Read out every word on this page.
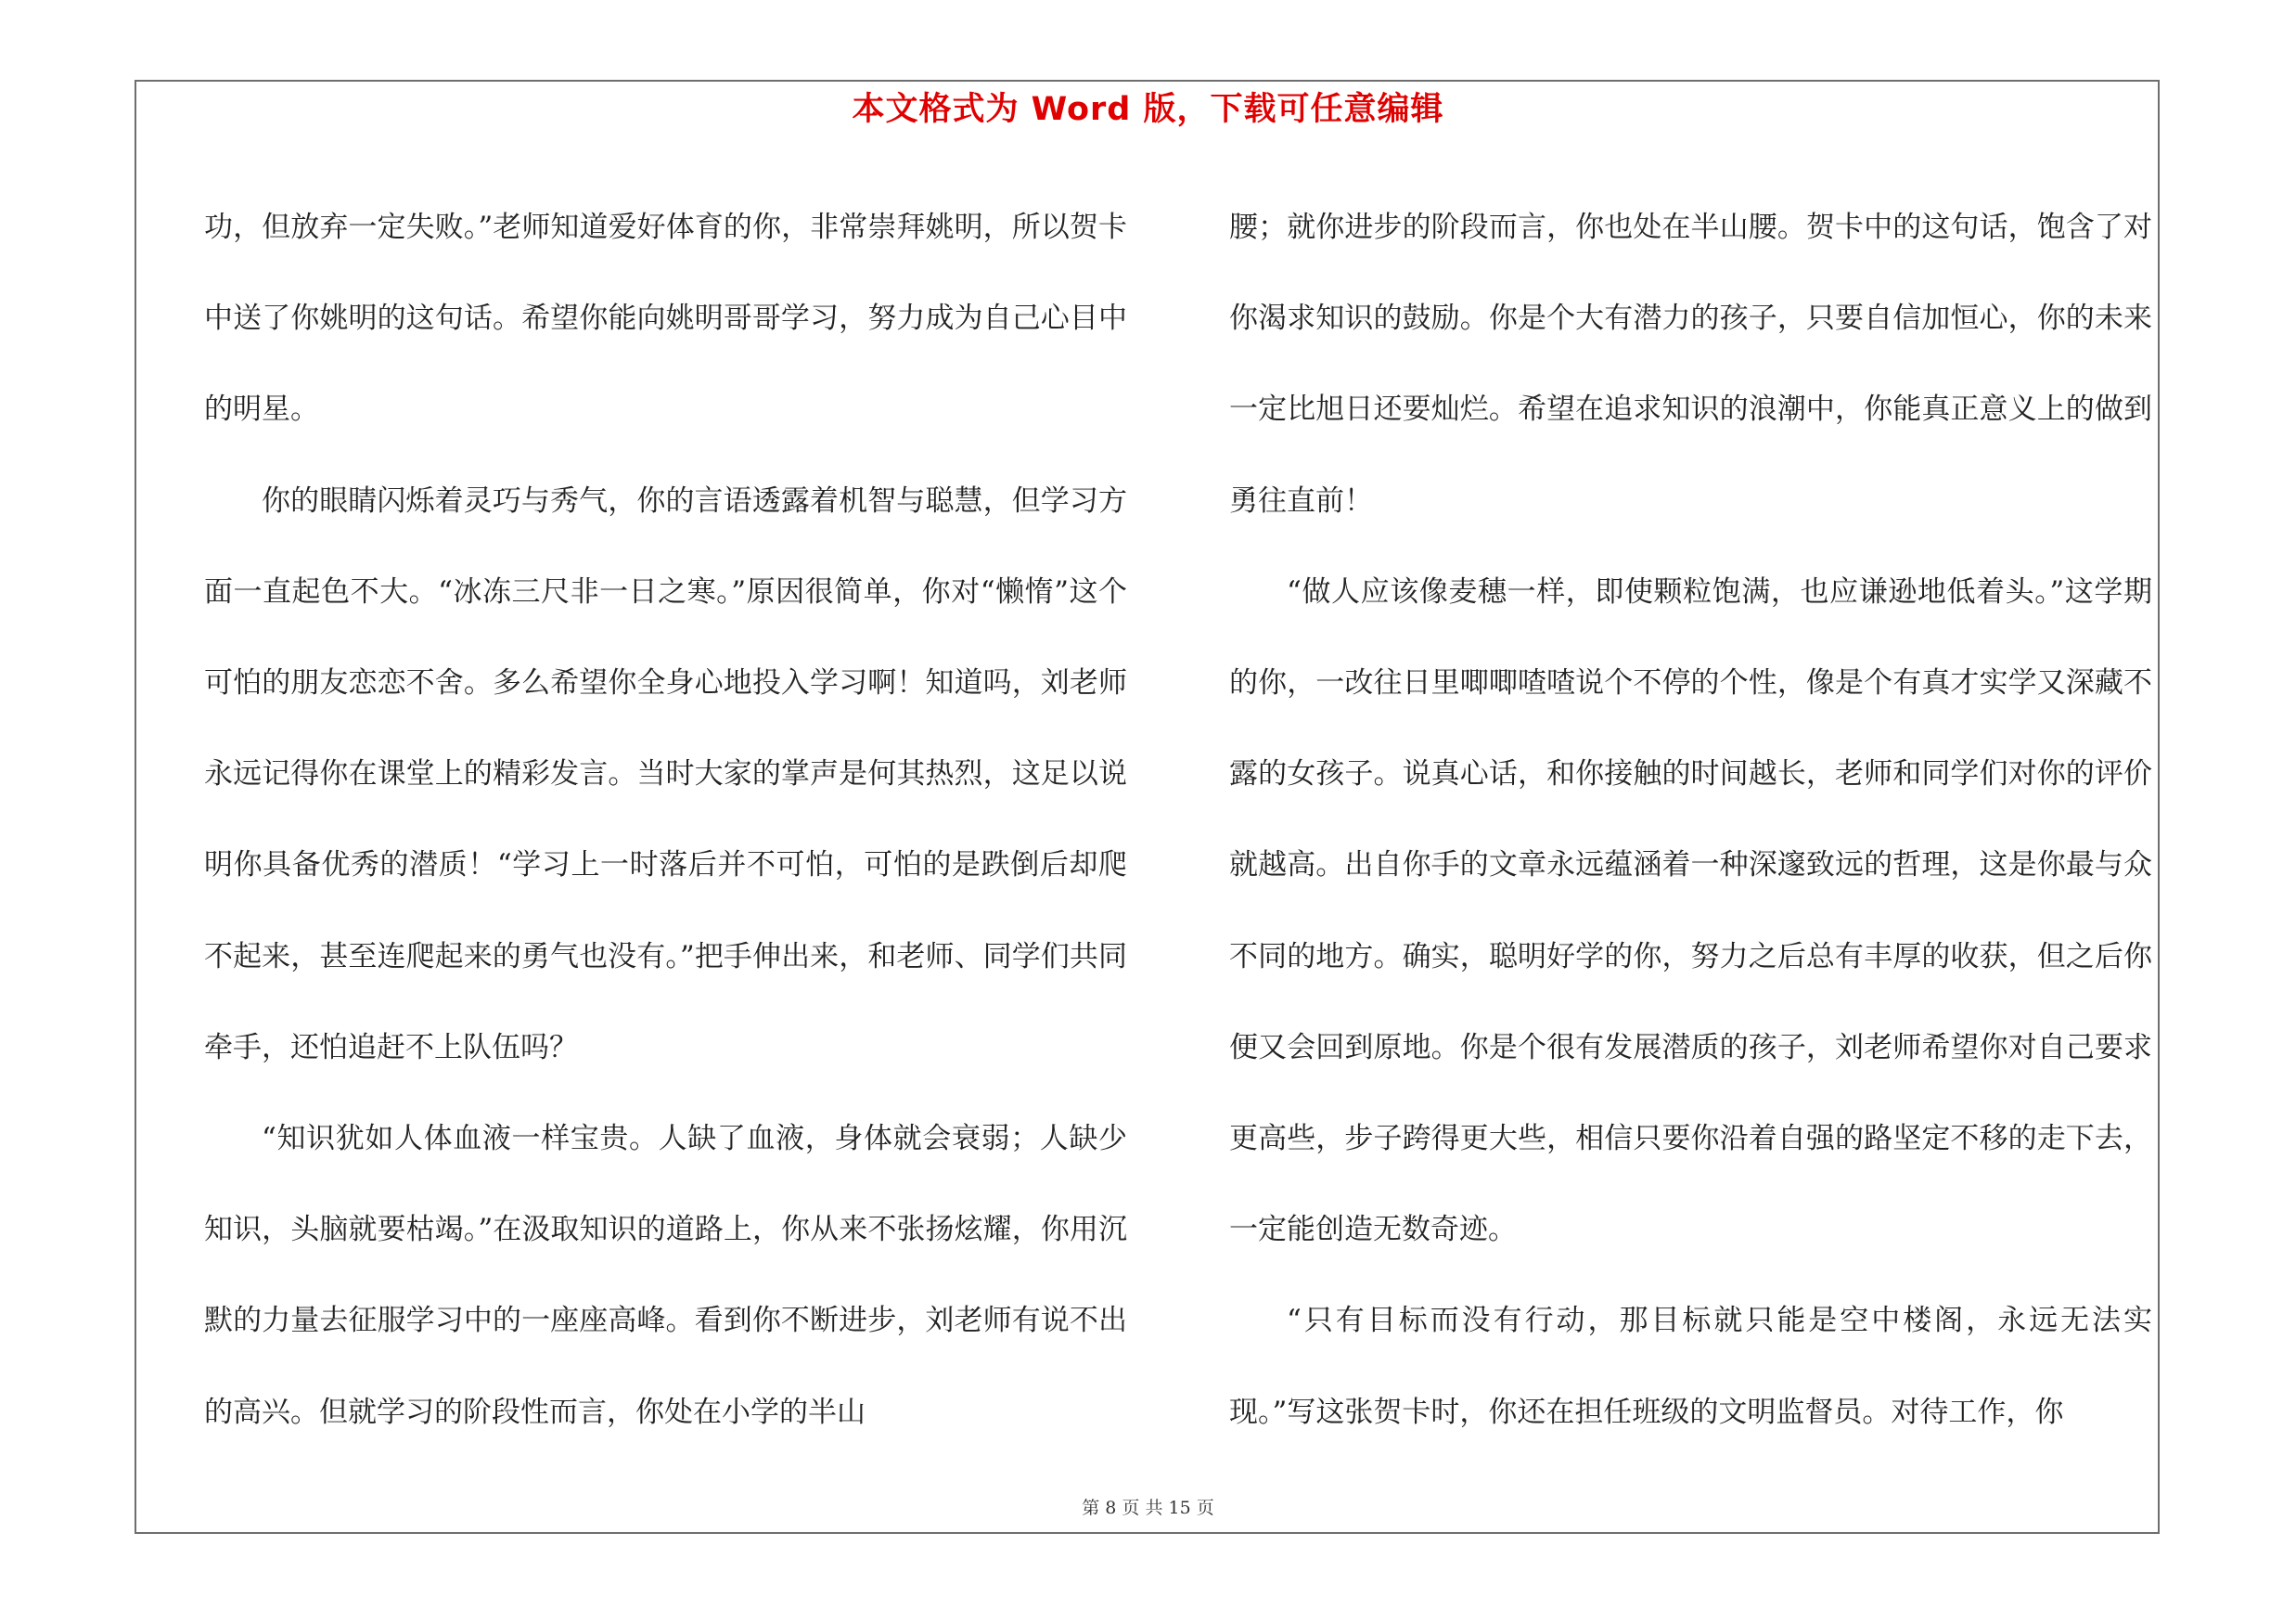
本文格式为 Word 版，下载可任意编辑

功，但放弃一定失败。”老师知道爱好体育的你，非常崇拜姚明，所以贺卡中送了你姚明的这句话。希望你能向姚明哥哥学习，努力成为自己心目中的明星。

你的眼睛闪烁着灵巧与秀气，你的言语透露着机智与聪慧，但学习方面一直起色不大。“冰冻三尺非一日之寒。”原因很简单，你对“懒惰”这个可怕的朋友恋恋不舍。多么希望你全身心地投入学习啊！知道吗，刘老师永远记得你在课堂上的精彩发言。当时大家的掌声是何其热烈，这足以说明你具备优秀的潜质！“学习上一时落后并不可怕，可怕的是跌倒后却爬不起来，甚至连爬起来的勇气也没有。”把手伸出来，和老师、同学们共同牵手，还怕追赶不上队伍吗？

“知识犹如人体血液一样宝贵。人缺了血液，身体就会衰弱；人缺少知识，头脑就要枯竭。”在汲取知识的道路上，你从来不张扬炫耀，你用沉默的力量去征服学习中的一座座高峰。看到你不断进步，刘老师有说不出的高兴。但就学习的阶段性而言，你处在小学的半山

腰；就你进步的阶段而言，你也处在半山腰。贺卡中的这句话，饱含了对你渴求知识的鼓励。你是个大有潜力的孩子，只要自信加恒心，你的未来一定比旭日还要灿烂。希望在追求知识的浪潮中，你能真正意义上的做到勇往直前！

“做人应该像麦穗一样，即使颗粒饱满，也应谦逊地低着头。”这学期的你，一改往日里唧唧喳喳说个不停的个性，像是个有真才实学又深藏不露的女孩子。说真心话，和你接触的时间越长，老师和同学们对你的评价就越高。出自你手的文章永远蕴涵着一种深邃致远的哲理，这是你最与众不同的地方。确实，聪明好学的你，努力之后总有丰厚的收获，但之后你便又会回到原地。你是个很有发展潜质的孩子，刘老师希望你对自己要求更高些，步子跨得更大些，相信只要你沿着自强的路坚定不移的走下去，一定能创造无数奇迹。

“只有目标而没有行动，那目标就只能是空中楼阁，永远无法实现。”写这张贺卡时，你还在担任班级的文明监督员。对待工作，你

第 8 页 共 15 页
